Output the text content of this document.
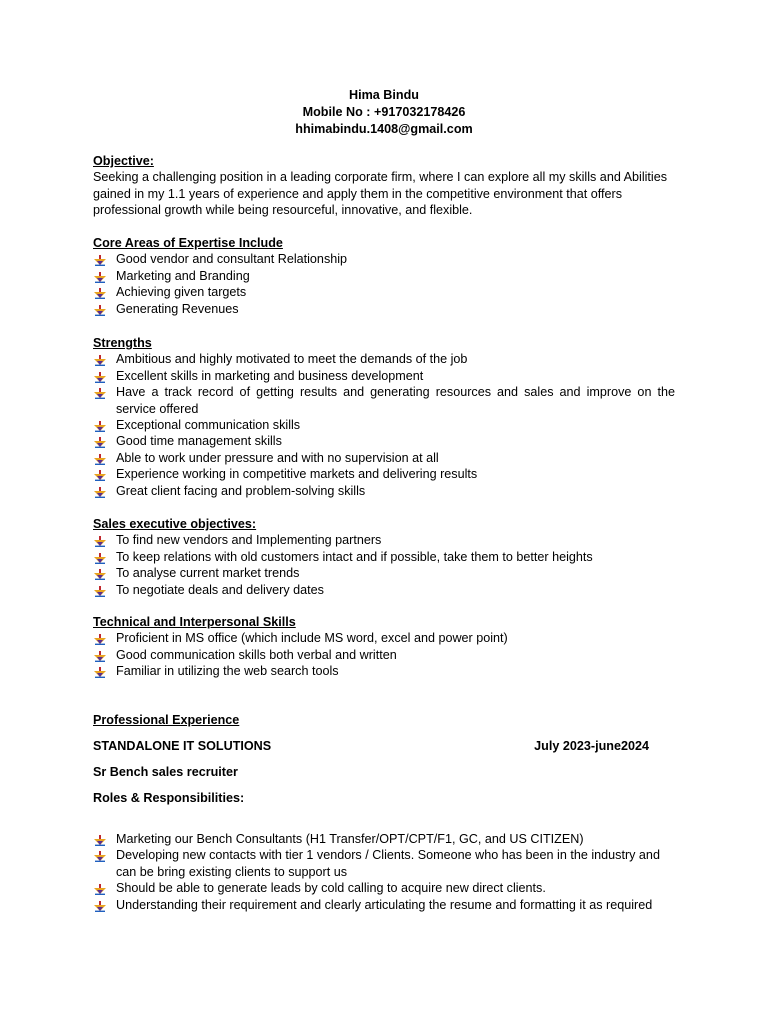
Hima Bindu
Mobile No : +917032178426
hhimabindu.1408@gmail.com
Objective:

Seeking a challenging position in a leading corporate firm, where I can explore all my skills and Abilities gained in my 1.1 years of experience and apply them in the competitive environment that offers professional growth while being resourceful, innovative, and flexible.

Core Areas of Expertise Include
Good vendor and consultant Relationship
Marketing and Branding
Achieving given targets
Generating Revenues
Strengths
Ambitious and highly motivated to meet the demands of the job
Excellent skills in marketing and business development
Have a track record of getting results and generating resources and sales and improve on the service offered
Exceptional communication skills
Good time management skills
Able to work under pressure and with no supervision at all
Experience working in competitive markets and delivering results
Great client facing and problem-solving skills
Sales executive objectives:
To find new vendors and Implementing partners
To keep relations with old customers intact and if possible, take them to better heights
To analyse current market trends
To negotiate deals and delivery dates
Technical and Interpersonal Skills
Proficient in MS office (which include MS word, excel and power point)
Good communication skills both verbal and written
Familiar in utilizing the web search tools
Professional Experience
STANDALONE IT SOLUTIONS	July 2023-june2024
Sr Bench sales recruiter
Roles & Responsibilities:
Marketing our Bench Consultants (H1 Transfer/OPT/CPT/F1, GC, and US CITIZEN)
Developing new contacts with tier 1 vendors / Clients. Someone who has been in the industry and can be bring existing clients to support us
Should be able to generate leads by cold calling to acquire new direct clients.
Understanding their requirement and clearly articulating the resume and formatting it as required
